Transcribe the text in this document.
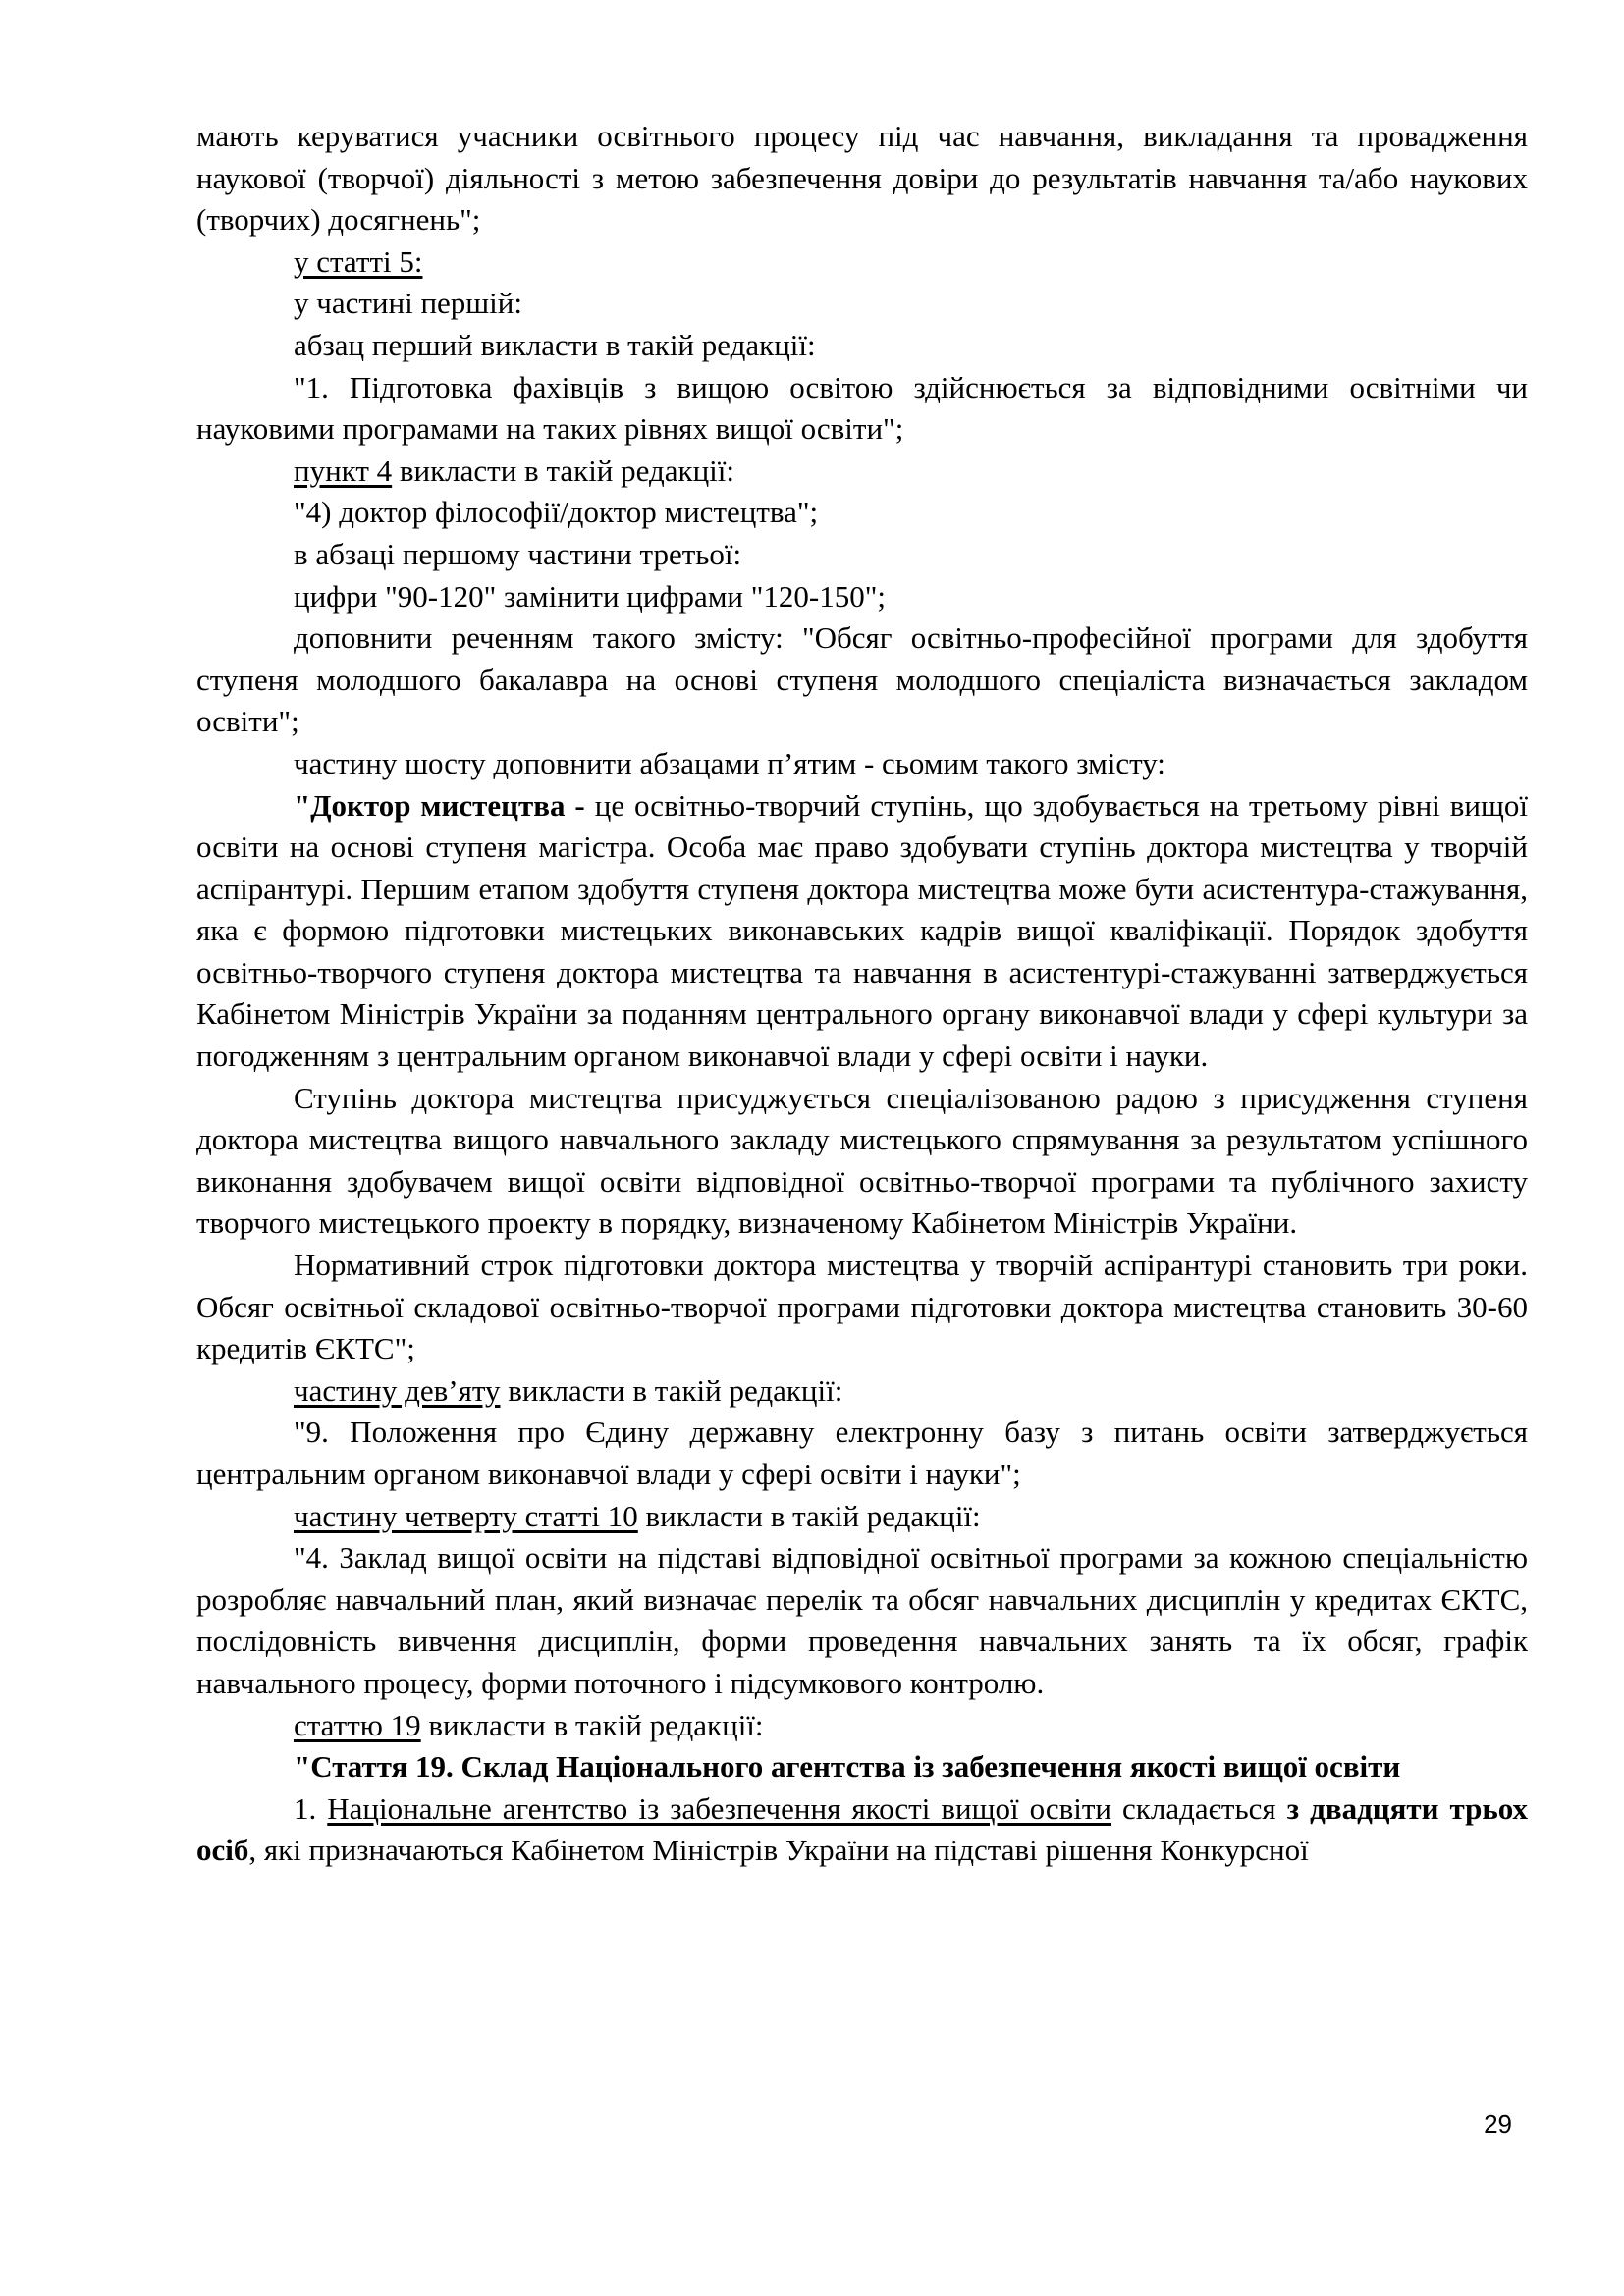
мають керуватися учасники освітнього процесу під час навчання, викладання та провадження наукової (творчої) діяльності з метою забезпечення довіри до результатів навчання та/або наукових (творчих) досягнень";

у статті 5:

у частині першій:

абзац перший викласти в такій редакції:

"1. Підготовка фахівців з вищою освітою здійснюється за відповідними освітніми чи науковими програмами на таких рівнях вищої освіти";

пункт 4 викласти в такій редакції:

"4) доктор філософії/доктор мистецтва";

в абзаці першому частини третьої:

цифри "90-120" замінити цифрами "120-150";

доповнити реченням такого змісту: "Обсяг освітньо-професійної програми для здобуття ступеня молодшого бакалавра на основі ступеня молодшого спеціаліста визначається закладом освіти";

частину шосту доповнити абзацами п’ятим - сьомим такого змісту:

"Доктор мистецтва - це освітньо-творчий ступінь, що здобувається на третьому рівні вищої освіти на основі ступеня магістра. Особа має право здобувати ступінь доктора мистецтва у творчій аспірантурі. Першим етапом здобуття ступеня доктора мистецтва може бути асистентура-стажування, яка є формою підготовки мистецьких виконавських кадрів вищої кваліфікації. Порядок здобуття освітньо-творчого ступеня доктора мистецтва та навчання в асистентурі-стажуванні затверджується Кабінетом Міністрів України за поданням центрального органу виконавчої влади у сфері культури за погодженням з центральним органом виконавчої влади у сфері освіти і науки.

Ступінь доктора мистецтва присуджується спеціалізованою радою з присудження ступеня доктора мистецтва вищого навчального закладу мистецького спрямування за результатом успішного виконання здобувачем вищої освіти відповідної освітньо-творчої програми та публічного захисту творчого мистецького проекту в порядку, визначеному Кабінетом Міністрів України.

Нормативний строк підготовки доктора мистецтва у творчій аспірантурі становить три роки. Обсяг освітньої складової освітньо-творчої програми підготовки доктора мистецтва становить 30-60 кредитів ЄКТС";

частину дев’яту викласти в такій редакції:

"9. Положення про Єдину державну електронну базу з питань освіти затверджується центральним органом виконавчої влади у сфері освіти і науки";

частину четверту статті 10 викласти в такій редакції:

"4. Заклад вищої освіти на підставі відповідної освітньої програми за кожною спеціальністю розробляє навчальний план, який визначає перелік та обсяг навчальних дисциплін у кредитах ЄКТС, послідовність вивчення дисциплін, форми проведення навчальних занять та їх обсяг, графік навчального процесу, форми поточного і підсумкового контролю.

статтю 19 викласти в такій редакції:

"Стаття 19. Склад Національного агентства із забезпечення якості вищої освіти

1. Національне агентство із забезпечення якості вищої освіти складається з двадцяти трьох осіб, які призначаються Кабінетом Міністрів України на підставі рішення Конкурсної

29
